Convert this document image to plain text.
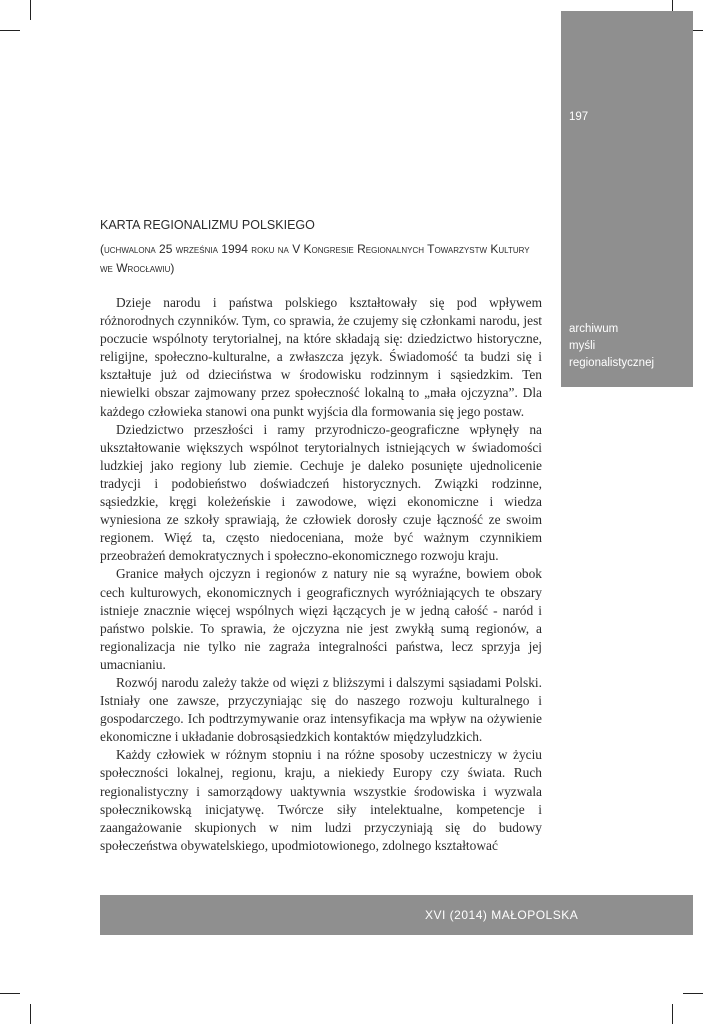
197

archiwum
myśli
regionalistycznej

KARTA REGIONALIZMU POLSKIEGO

(uchwalona 25 września 1994 roku na V Kongresie Regionalnych Towarzystw Kultury we Wrocławiu)

Dzieje narodu i państwa polskiego kształtowały się pod wpływem różnorodnych czynników. Tym, co sprawia, że czujemy się członkami narodu, jest poczucie wspólnoty terytorialnej, na które składają się: dziedzictwo historyczne, religijne, społeczno-kulturalne, a zwłaszcza język. Świadomość ta budzi się i kształtuje już od dzieciństwa w środowisku rodzinnym i sąsiedzkim. Ten niewielki obszar zajmowany przez społeczność lokalną to „mała ojczyzna”. Dla każdego człowieka stanowi ona punkt wyjścia dla formowania się jego postaw.

Dziedzictwo przeszłości i ramy przyrodniczo-geograficzne wpłynęły na ukształtowanie większych wspólnot terytorialnych istniejących w świadomości ludzkiej jako regiony lub ziemie. Cechuje je daleko posunięte ujednolicenie tradycji i podobieństwo doświadczeń historycznych. Związki rodzinne, sąsiedzkie, kręgi koleżeńskie i zawodowe, więzi ekonomiczne i wiedza wyniesiona ze szkoły sprawiają, że człowiek dorosły czuje łączność ze swoim regionem. Więź ta, często niedoceniana, może być ważnym czynnikiem przeobrażeń demokratycznych i społeczno-ekonomicznego rozwoju kraju.

Granice małych ojczyzn i regionów z natury nie są wyraźne, bowiem obok cech kulturowych, ekonomicznych i geograficznych wyróżniających te obszary istnieje znacznie więcej wspólnych więzi łączących je w jedną całość - naród i państwo polskie. To sprawia, że ojczyzna nie jest zwykłą sumą regionów, a regionalizacja nie tylko nie zagraża integralności państwa, lecz sprzyja jej umacnianiu.

Rozwój narodu zależy także od więzi z bliższymi i dalszymi sąsiadami Polski. Istniały one zawsze, przyczyniając się do naszego rozwoju kulturalnego i gospodarczego. Ich podtrzymywanie oraz intensyfikacja ma wpływ na ożywienie ekonomiczne i układanie dobrosąsiedzkich kontaktów międzyludzkich.

Każdy człowiek w różnym stopniu i na różne sposoby uczestniczy w życiu społeczności lokalnej, regionu, kraju, a niekiedy Europy czy świata. Ruch regionalistyczny i samorządowy uaktywnia wszystkie środowiska i wyzwala społecznikowską inicjatywę. Twórcze siły intelektualne, kompetencje i zaangażowanie skupionych w nim ludzi przyczyniają się do budowy społeczeństwa obywatelskiego, upodmiotowionego, zdolnego kształtować

XVI (2014) MAŁOPOLSKA
